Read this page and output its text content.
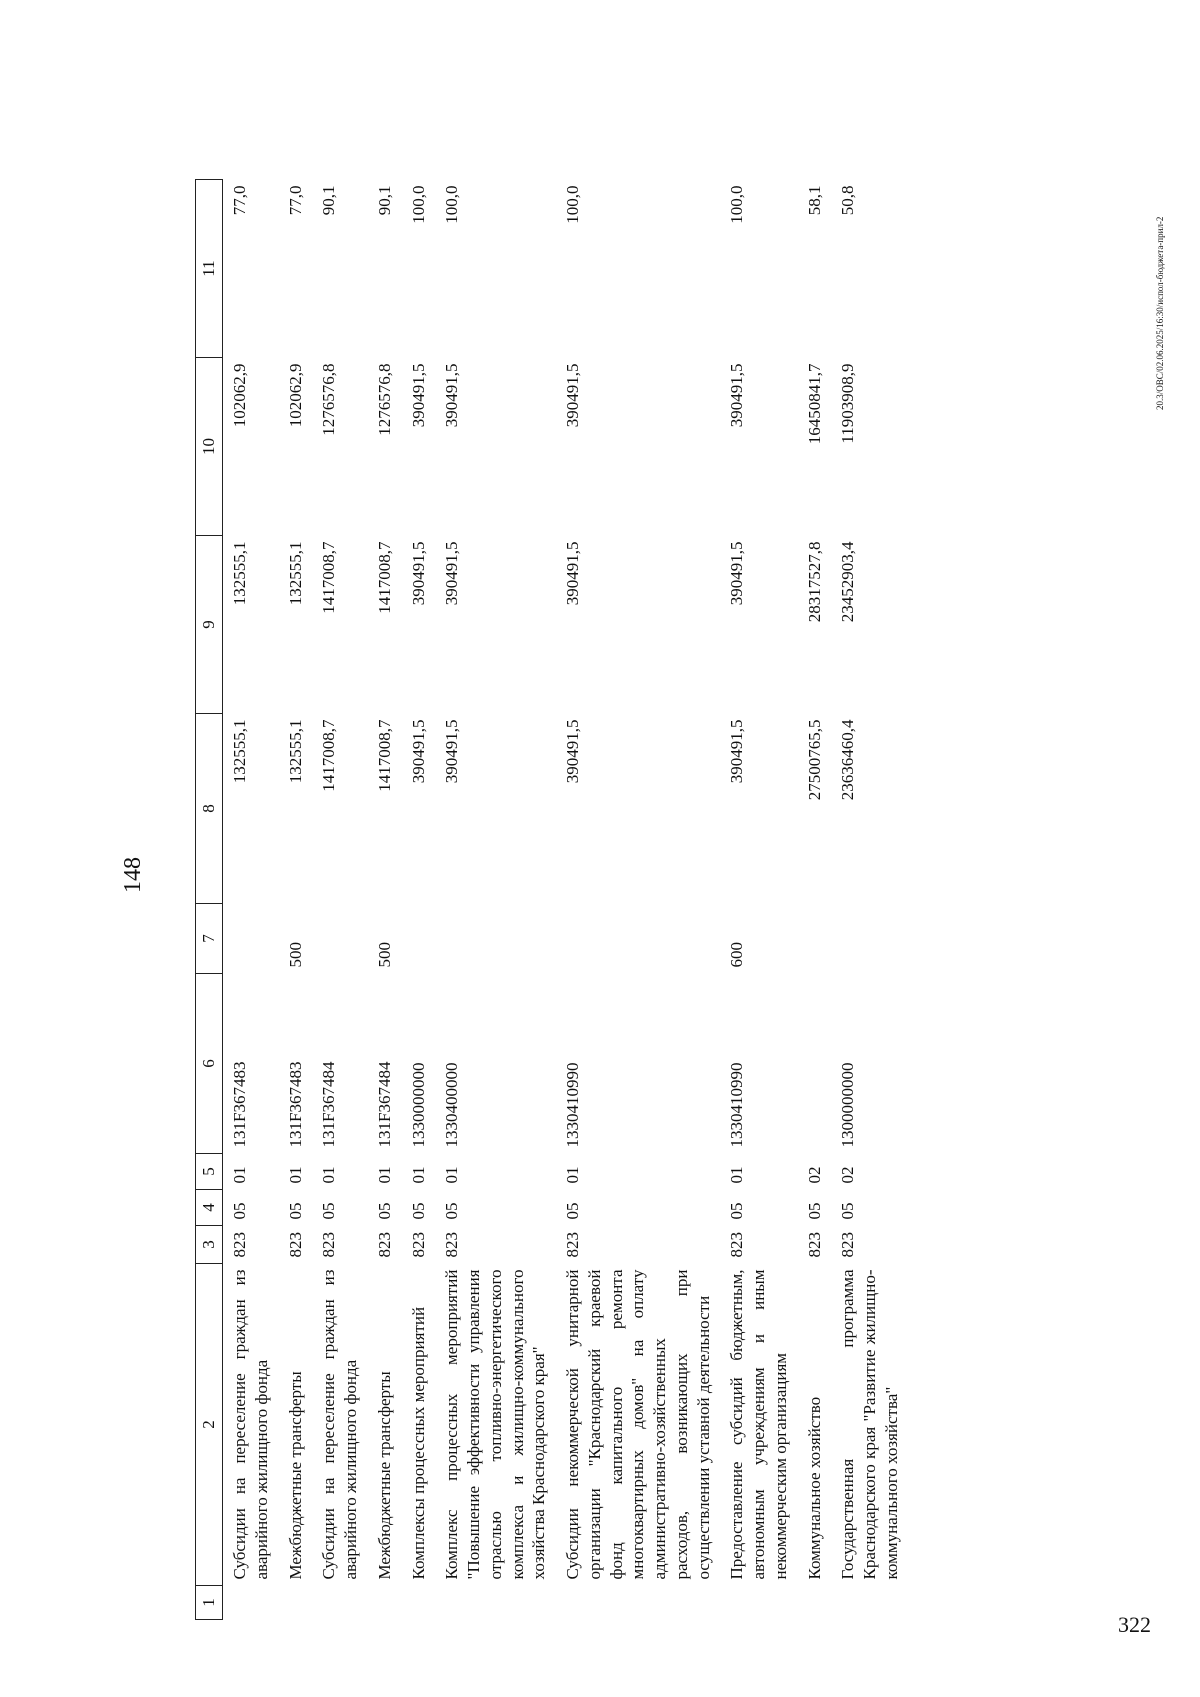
148
1	2	3	4	5	6	7	8	9	10	11
	Субсидии на переселение граждан из аварийного жилищного фонда	823	05	01	131F367483		132555,1	132555,1	102062,9	77,0
	Межбюджетные трансферты	823	05	01	131F367483	500	132555,1	132555,1	102062,9	77,0
	Субсидии на переселение граждан из аварийного жилищного фонда	823	05	01	131F367484		1417008,7	1417008,7	1276576,8	90,1
	Межбюджетные трансферты	823	05	01	131F367484	500	1417008,7	1417008,7	1276576,8	90,1
	Комплексы процессных мероприятий	823	05	01	1330000000		390491,5	390491,5	390491,5	100,0
	Комплекс процессных мероприятий "Повышение эффективности управления отраслью топливно-энергетического комплекса и жилищно-коммунального хозяйства Краснодарского края"	823	05	01	1330400000		390491,5	390491,5	390491,5	100,0
	Субсидии некоммерческой унитарной организации "Краснодарский краевой фонд капитального ремонта многоквартирных домов" на оплату административно-хозяйственных расходов, возникающих при осуществлении уставной деятельности	823	05	01	1330410990		390491,5	390491,5	390491,5	100,0
	Предоставление субсидий бюджетным, автономным учреждениям и иным некоммерческим организациям	823	05	01	1330410990	600	390491,5	390491,5	390491,5	100,0
	Коммунальное хозяйство	823	05	02			27500765,5	28317527,8	16450841,7	58,1
	Государственная программа Краснодарского края "Развитие жилищно-коммунального хозяйства"	823	05	02	1300000000		23636460,4	23452903,4	11903908,9	50,8
20.3/ОВС/02.06.2025/16:30/испол-бюджета-прил-2
322
